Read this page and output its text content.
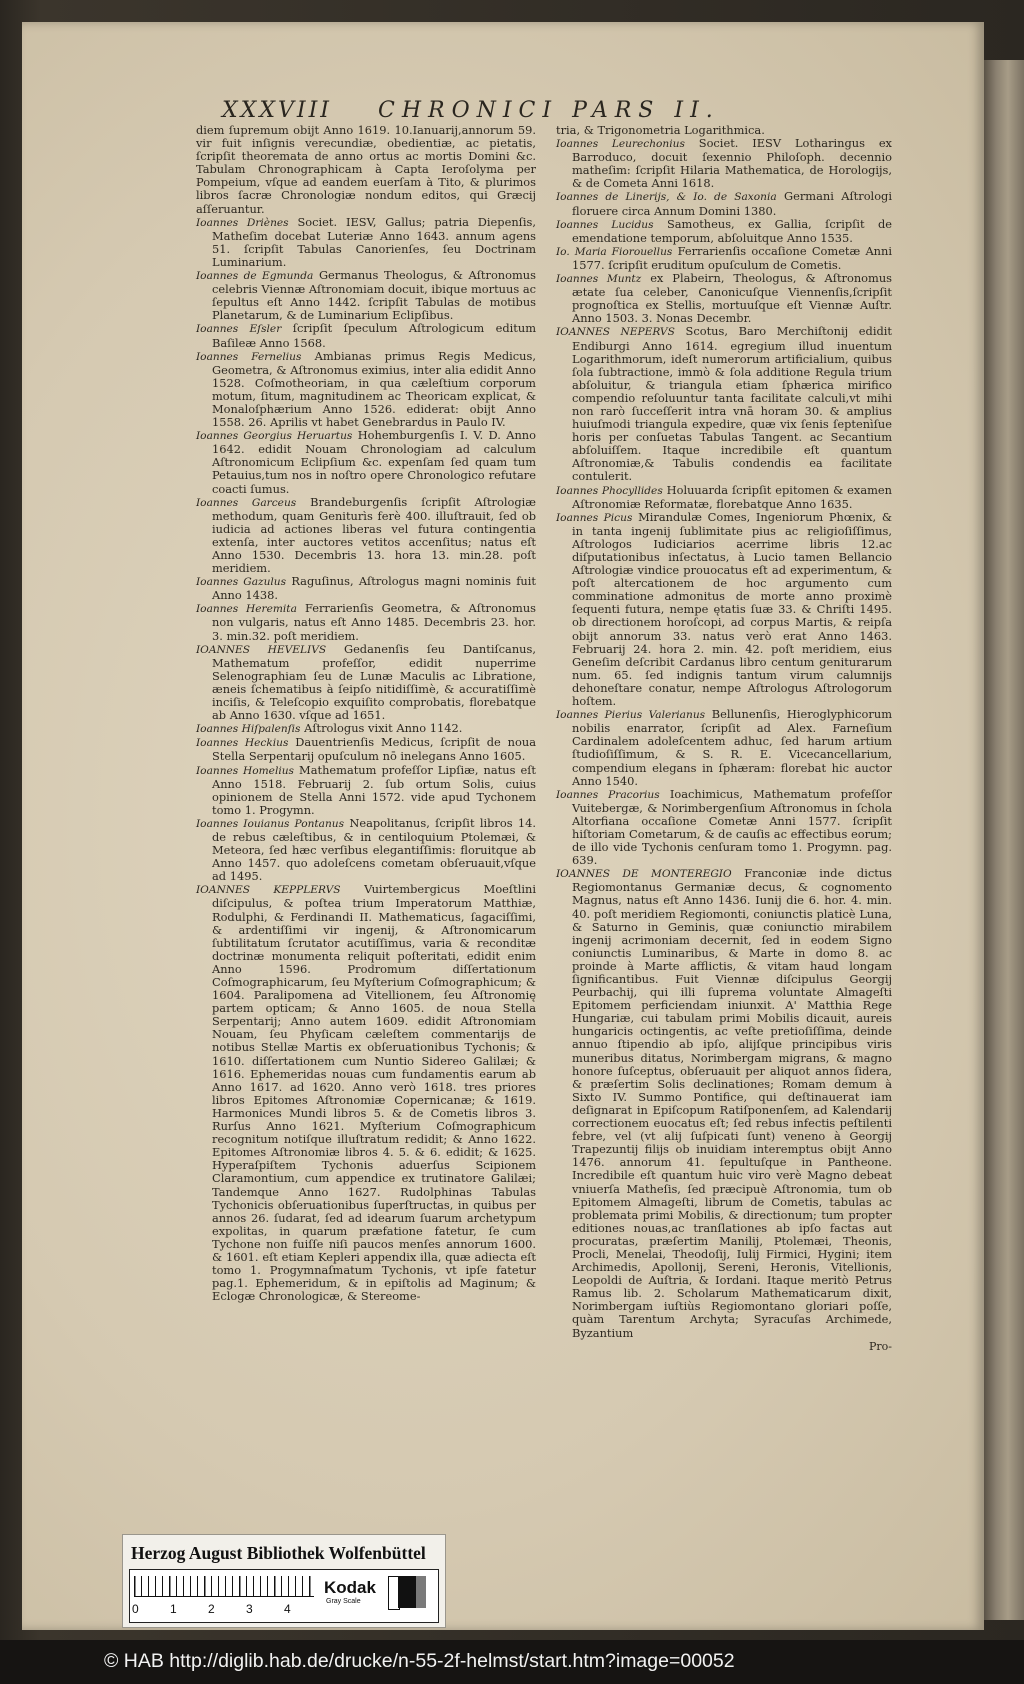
XXXVIII CHRONICI PARS II.

diem ſupremum obijt Anno 1619. 10.Ianuarij,annorum 59. vir fuit inſignis verecundiæ, obedientiæ, ac pietatis, ſcripſit theoremata de anno ortus ac mortis Domini &c. Tabulam Chronographicam à Capta Ieroſolyma per Pompeium, vſque ad eandem euerſam à Tito, & plurimos libros ſacræ Chronologiæ nondum editos, qui Græcij aſſeruantur.

Ioannes Driènes Societ. IESV, Gallus; patria Diepenſis, Matheſim docebat Luteriæ Anno 1643. annum agens 51. ſcripſit Tabulas Canorienſes, ſeu Doctrinam Luminarium.

Ioannes de Egmunda Germanus Theologus, & Aſtronomus celebris Viennæ Aſtronomiam docuit, ibique mortuus ac ſepultus eſt Anno 1442. ſcripſit Tabulas de motibus Planetarum, & de Luminarium Eclipſibus.

Ioannes Eſsler ſcripſit ſpeculum Aſtrologicum editum Baſileæ Anno 1568.

Ioannes Fernelius Ambianas primus Regis Medicus, Geometra, & Aſtronomus eximius, inter alia edidit Anno 1528. Coſmotheoriam, in qua cæleſtium corporum motum, ſitum, magnitudinem ac Theoricam explicat, & Monaloſphærium Anno 1526. ediderat: obijt Anno 1558. 26. Aprilis vt habet Genebrardus in Paulo IV.

Ioannes Georgius Heruartus Hohemburgenſis I. V. D. Anno 1642. edidit Nouam Chronologiam ad calculum Aſtronomicum Eclipſium &c. expenſam ſed quam tum Petauius,tum nos in noſtro opere Chronologico refutare coacti ſumus.

Ioannes Garceus Brandeburgenſis ſcripſit Aſtrologiæ methodum, quam Geniturìs ferè 400. illuſtrauit, ſed ob iudicia ad actiones liberas vel futura contingentia extenſa, inter auctores vetitos accenſitus; natus eſt Anno 1530. Decembris 13. hora 13. min.28. poſt meridiem.

Ioannes Gazulus Raguſinus, Aſtrologus magni nominis fuit Anno 1438.

Ioannes Heremita Ferrarienſis Geometra, & Aſtronomus non vulgaris, natus eſt Anno 1485. Decembris 23. hor. 3. min.32. poſt meridiem.

IOANNES HEVELIVS Gedanenſis ſeu Dantiſcanus, Mathematum profeſſor, edidit nuperrime Selenographiam ſeu de Lunæ Maculis ac Libratione, æneis ſchematibus à ſeipſo nitidiſſimè, & accuratiſſimè inciſis, & Teleſcopio exquiſito comprobatis, florebatque ab Anno 1630. vſque ad 1651.

Ioannes Hiſpalenſis Aſtrologus vixit Anno 1142.

Ioannes Heckius Dauentrienſis Medicus, ſcripſit de noua Stella Serpentarij opuſculum nō inelegans Anno 1605.

Ioannes Homelius Mathematum profeſſor Lipſiæ, natus eſt Anno 1518. Februarij 2. ſub ortum Solis, cuius opinionem de Stella Anni 1572. vide apud Tychonem tomo 1. Progymn.

Ioannes Iouianus Pontanus Neapolitanus, ſcripſit libros 14. de rebus cæleſtibus, & in centiloquium Ptolemæi, & Meteora, ſed hæc verſibus elegantiſſimis: floruitque ab Anno 1457. quo adoleſcens cometam obſeruauit,vſque ad 1495.

IOANNES KEPPLERVS Vuirtembergicus Moeſtlini diſcipulus, & poſtea trium Imperatorum Matthiæ, Rodulphi, & Ferdinandi II. Mathematicus, ſagaciſſimi, & ardentiſſimi vir ingenij, & Aſtronomicarum ſubtilitatum ſcrutator acutiſſimus, varia & reconditæ doctrinæ monumenta reliquit poſteritati, edidit enim Anno 1596. Prodromum diſſertationum Coſmographicarum, ſeu Myſterium Coſmographicum; & 1604. Paralipomena ad Vitellionem, ſeu Aſtronomię partem opticam; & Anno 1605. de noua Stella Serpentarij; Anno autem 1609. edidit Aſtronomiam Nouam, ſeu Phyſicam cæleſtem commentarijs de notibus Stellæ Martis ex obſeruationibus Tychonis; & 1610. diſſertationem cum Nuntio Sidereo Galilæi; & 1616. Ephemeridas nouas cum fundamentis earum ab Anno 1617. ad 1620. Anno verò 1618. tres priores libros Epitomes Aſtronomiæ Copernicanæ; & 1619. Harmonices Mundi libros 5. & de Cometis libros 3. Rurſus Anno 1621. Myſterium Coſmographicum recognitum notiſque illuſtratum redidit; & Anno 1622. Epitomes Aſtronomiæ libros 4. 5. & 6. edidit; & 1625. Hyperaſpiſtem Tychonis aduerſus Scipionem Claramontium, cum appendice ex trutinatore Galilæi; Tandemque Anno 1627. Rudolphinas Tabulas Tychonicis obſeruationibus ſuperſtructas, in quibus per annos 26. ſudarat, ſed ad idearum ſuarum archetypum expolitas, in quarum præfatione fatetur, ſe cum Tychone non fuiſſe niſi paucos menſes annorum 1600. & 1601. eſt etiam Kepleri appendix illa, quæ adiecta eſt tomo 1. Progymnaſmatum Tychonis, vt ipſe fatetur pag.1. Ephemeridum, & in epiſtolis ad Maginum; & Eclogæ Chronologicæ, & Stereome-

tria, & Trigonometria Logarithmica.

Ioannes Leurechonius Societ. IESV Lotharingus ex Barroduco, docuit ſexennio Philoſoph. decennio matheſim: ſcripſit Hilaria Mathematica, de Horologijs, & de Cometa Anni 1618.

Ioannes de Linerijs, & Io. de Saxonia Germani Aſtrologi floruere circa Annum Domini 1380.

Ioannes Lucidus Samotheus, ex Gallia, ſcripſit de emendatione temporum, abſoluitque Anno 1535.

Io. Maria Fiorouellus Ferrarienſis occaſione Cometæ Anni 1577. ſcripſit eruditum opuſculum de Cometis.

Ioannes Muntz ex Plabeirn, Theologus, & Aſtronomus ætate ſua celeber, Canonicuſque Viennenſis,ſcripſit prognoſtica ex Stellis, mortuuſque eſt Viennæ Auſtr. Anno 1503. 3. Nonas Decembr.

IOANNES NEPERVS Scotus, Baro Merchiſtonij edidit Endiburgi Anno 1614. egregium illud inuentum Logarithmorum, ideſt numerorum artificialium, quibus ſola ſubtractione, immò & ſola additione Regula trium abſoluitur, & triangula etiam ſphærica mirifico compendio reſoluuntur tanta facilitate calculi,vt mihi non rarò ſucceſſerit intra vnā horam 30. & amplius huiuſmodi triangula expedire, quæ vix ſenis ſeptenìſue horis per conſuetas Tabulas Tangent. ac Secantium abſoluiſſem. Itaque incredibile eſt quantum Aſtronomiæ,& Tabulis condendis ea facilitate contulerit.

Ioannes Phocyllides Holuuarda ſcripſit epitomen & examen Aſtronomiæ Reformatæ, florebatque Anno 1635.

Ioannes Picus Mirandulæ Comes, Ingeniorum Phœnix, & in tanta ingenij ſublimitate pius ac religioſiſſimus, Aſtrologos Iudiciarios acerrime libris 12.ac diſputationibus inſectatus, à Lucio tamen Bellancio Aſtrologiæ vindice prouocatus eſt ad experimentum, & poſt altercationem de hoc argumento cum comminatione admonitus de morte anno proximè ſequenti futura, nempe ętatis ſuæ 33. & Chriſti 1495. ob directionem horoſcopi, ad corpus Martis, & reipſa obijt annorum 33. natus verò erat Anno 1463. Februarij 24. hora 2. min. 42. poſt meridiem, eius Geneſim deſcribit Cardanus libro centum geniturarum num. 65. ſed indignis tantum virum calumnijs dehoneſtare conatur, nempe Aſtrologus Aſtrologorum hoſtem.

Ioannes Pierius Valerianus Bellunenſis, Hieroglyphicorum nobilis enarrator, ſcripſit ad Alex. Farneſium Cardinalem adoleſcentem adhuc, ſed harum artium ſtudioſiſſimum, & S. R. E. Vicecancellarium, compendium elegans in ſphæram: florebat hic auctor Anno 1540.

Ioannes Pracorius Ioachimicus, Mathematum profeſſor Vuitebergæ, & Norimbergenſium Aſtronomus in ſchola Altorfiana occaſione Cometæ Anni 1577. ſcripſit hiſtoriam Cometarum, & de cauſis ac effectibus eorum; de illo vide Tychonis cenſuram tomo 1. Progymn. pag. 639.

IOANNES DE MONTEREGIO Franconiæ inde dictus Regiomontanus Germaniæ decus, & cognomento Magnus, natus eſt Anno 1436. Iunij die 6. hor. 4. min. 40. poſt meridiem Regiomonti, coniunctis platicè Luna, & Saturno in Geminis, quæ coniunctio mirabilem ingenij acrimoniam decernit, ſed in eodem Signo coniunctis Luminaribus, & Marte in domo 8. ac proinde à Marte afflictis, & vitam haud longam ſignificantibus. Fuit Viennæ diſcipulus Georgij Peurbachij, qui illi ſuprema voluntate Almageſti Epitomem perficiendam iniunxit. A' Matthia Rege Hungariæ, cui tabulam primi Mobilis dicauit, aureis hungaricis octingentis, ac veſte pretioſiſſima, deinde annuo ſtipendio ab ipſo, alijſque principibus viris muneribus ditatus, Norimbergam migrans, & magno honore ſuſceptus, obſeruauit per aliquot annos ſidera, & præſertim Solis declinationes; Romam demum à Sixto IV. Summo Pontifice, qui deſtinauerat iam deſignarat in Epiſcopum Ratiſponenſem, ad Kalendarij correctionem euocatus eſt; ſed rebus infectis peſtilenti febre, vel (vt alij ſuſpicati ſunt) veneno à Georgij Trapezuntij filijs ob inuidiam interemptus obijt Anno 1476. annorum 41. ſepultuſque in Pantheone. Incredibile eſt quantum huic viro verè Magno debeat vniuerſa Matheſis, ſed præcipuè Aſtronomia, tum ob Epitomem Almageſti, librum de Cometis, tabulas ac problemata primi Mobilis, & directionum; tum propter editiones nouas,ac tranſlationes ab ipſo factas aut procuratas, præſertim Manilij, Ptolemæi, Theonis, Procli, Menelai, Theodoſij, Iulij Firmici, Hygini; item Archimedis, Apollonij, Sereni, Heronis, Vitellionis, Leopoldi de Auſtria, & Iordani. Itaque meritò Petrus Ramus lib. 2. Scholarum Mathematicarum dixit, Norimbergam iuſtiùs Regiomontano gloriari poſſe, quàm Tarentum Archyta; Syracuſas Archimede, Byzantium

Pro-
Herzog August Bibliothek Wolfenbüttel
0	1	2	3	4
Kodak
Gray Scale
© HAB http://diglib.hab.de/drucke/n-55-2f-helmst/start.htm?image=00052
